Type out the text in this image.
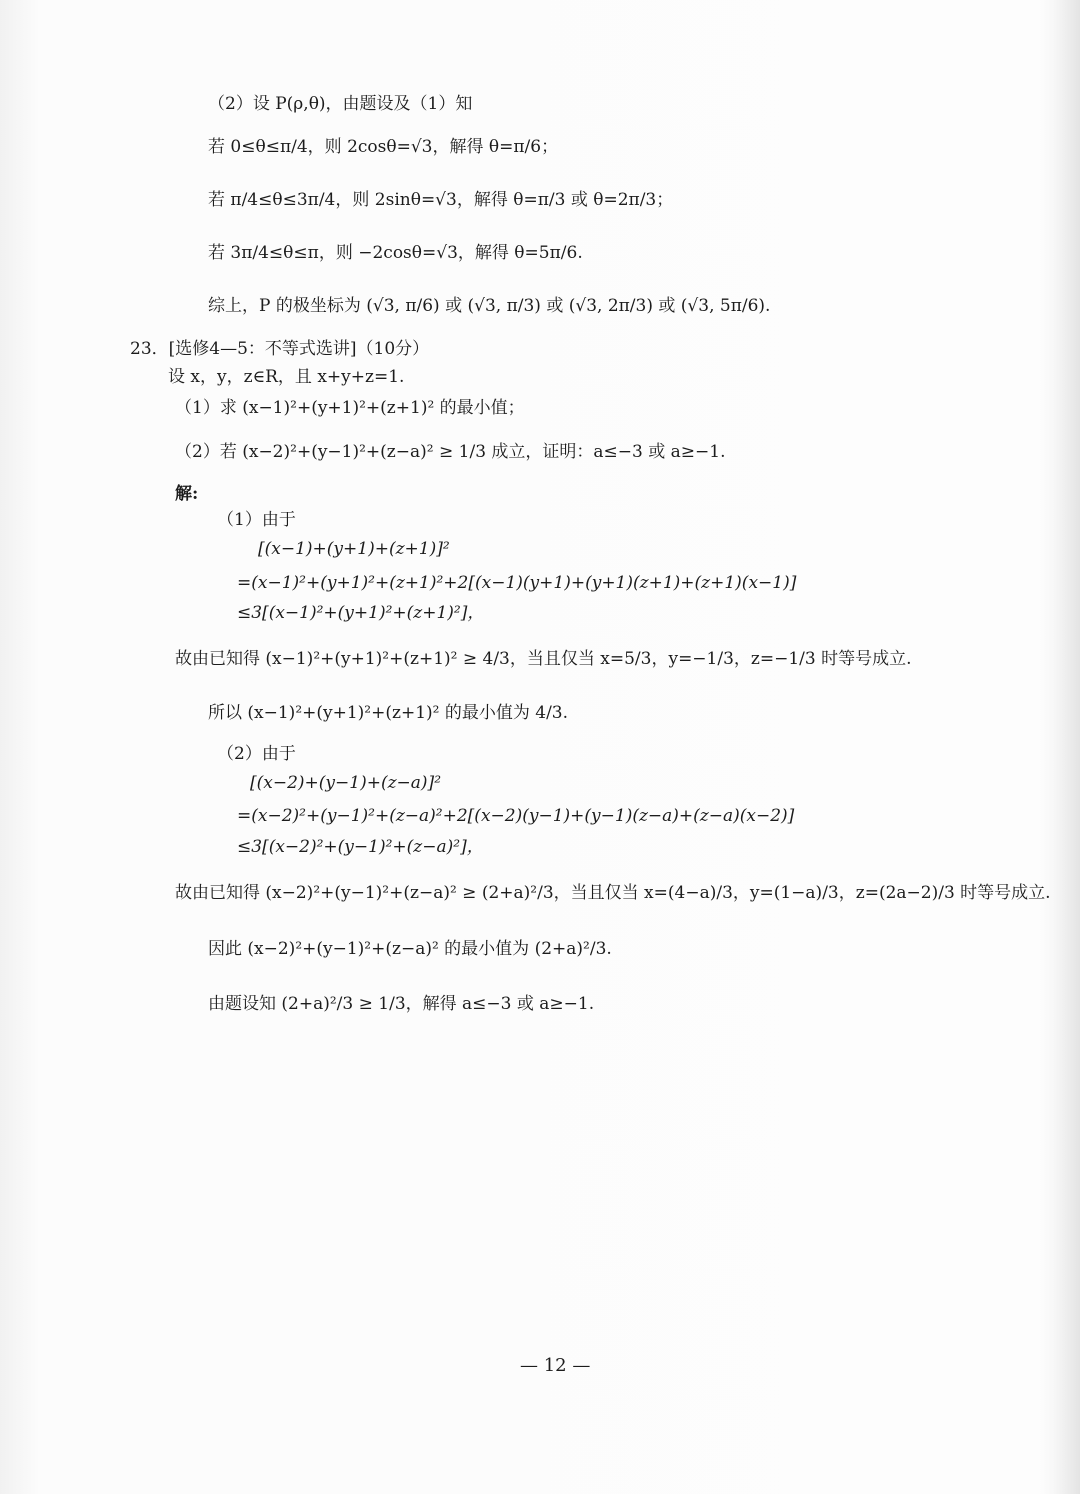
（2）设 P(ρ,θ)，由题设及（1）知
若 0≤θ≤π/4，则 2cosθ=√3，解得 θ=π/6；
若 π/4≤θ≤3π/4，则 2sinθ=√3，解得 θ=π/3 或 θ=2π/3；
若 3π/4≤θ≤π，则 −2cosθ=√3，解得 θ=5π/6.
综上，P 的极坐标为 (√3, π/6) 或 (√3, π/3) 或 (√3, 2π/3) 或 (√3, 5π/6).
23．[选修4—5：不等式选讲]（10分）
设 x，y，z∈R，且 x+y+z=1.
（1）求 (x−1)²+(y+1)²+(z+1)² 的最小值；
（2）若 (x−2)²+(y−1)²+(z−a)² ≥ 1/3 成立，证明：a≤−3 或 a≥−1.
解:
（1）由于
[(x−1)+(y+1)+(z+1)]²
=(x−1)²+(y+1)²+(z+1)²+2[(x−1)(y+1)+(y+1)(z+1)+(z+1)(x−1)]
≤3[(x−1)²+(y+1)²+(z+1)²]，
故由已知得 (x−1)²+(y+1)²+(z+1)² ≥ 4/3，当且仅当 x=5/3，y=−1/3，z=−1/3 时等号成立.
所以 (x−1)²+(y+1)²+(z+1)² 的最小值为 4/3.
（2）由于
[(x−2)+(y−1)+(z−a)]²
=(x−2)²+(y−1)²+(z−a)²+2[(x−2)(y−1)+(y−1)(z−a)+(z−a)(x−2)]
≤3[(x−2)²+(y−1)²+(z−a)²]，
故由已知得 (x−2)²+(y−1)²+(z−a)² ≥ (2+a)²/3，当且仅当 x=(4−a)/3，y=(1−a)/3，z=(2a−2)/3 时等号成立.
因此 (x−2)²+(y−1)²+(z−a)² 的最小值为 (2+a)²/3.
由题设知 (2+a)²/3 ≥ 1/3，解得 a≤−3 或 a≥−1.
— 12 —
